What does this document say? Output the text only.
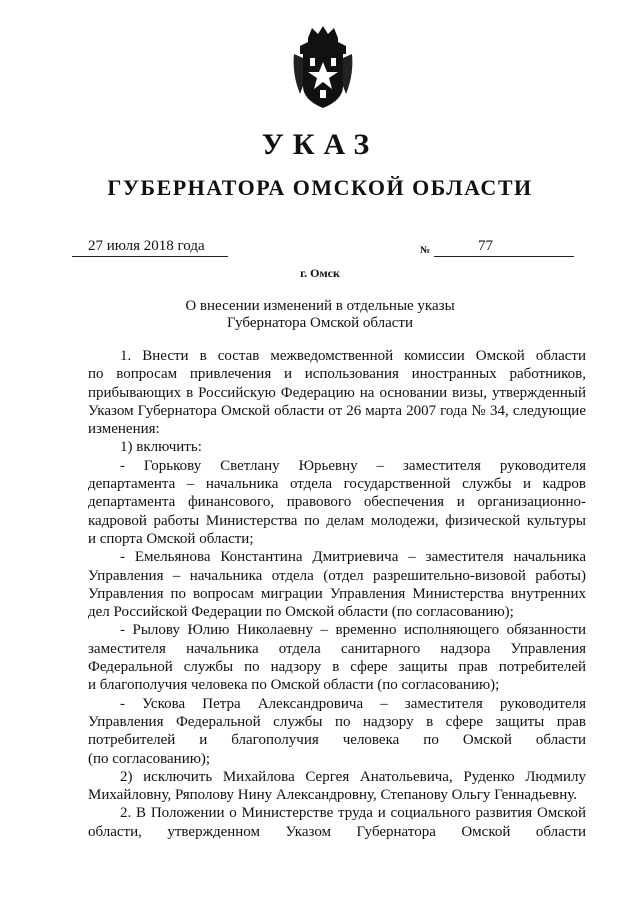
УКАЗ
ГУБЕРНАТОРА ОМСКОЙ ОБЛАСТИ
27 июля 2018 года	№	77
г. Омск
О внесении изменений в отдельные указы
Губернатора Омской области
1. Внести в состав межведомственной комиссии Омской области
по вопросам привлечения и использования иностранных работников,
прибывающих в Российскую Федерацию на основании визы, утвержденный
Указом Губернатора Омской области от 26 марта 2007 года № 34, следующие
изменения:
1) включить:
- Горькову Светлану Юрьевну – заместителя руководителя
департамента – начальника отдела государственной службы и кадров
департамента финансового, правового обеспечения и организационно-
кадровой работы Министерства по делам молодежи, физической культуры
и спорта Омской области;
- Емельянова Константина Дмитриевича – заместителя начальника
Управления – начальника отдела (отдел разрешительно-визовой работы)
Управления по вопросам миграции Управления Министерства внутренних
дел Российской Федерации по Омской области (по согласованию);
- Рылову Юлию Николаевну – временно исполняющего обязанности
заместителя начальника отдела санитарного надзора Управления
Федеральной службы по надзору в сфере защиты прав потребителей
и благополучия человека по Омской области (по согласованию);
- Ускова Петра Александровича – заместителя руководителя
Управления Федеральной службы по надзору в сфере защиты прав
потребителей и благополучия человека по Омской области
(по согласованию);
2) исключить Михайлова Сергея Анатольевича, Руденко Людмилу
Михайловну, Ряполову Нину Александровну, Степанову Ольгу Геннадьевну.
2. В Положении о Министерстве труда и социального развития Омской
области, утвержденном Указом Губернатора Омской области
